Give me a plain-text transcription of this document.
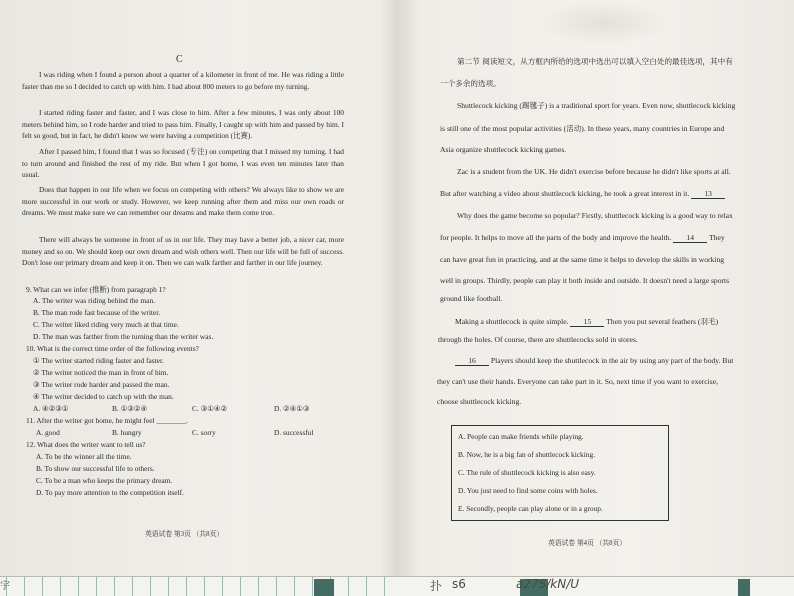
C

I was riding when I found a person about a quarter of a kilometer in front of me. He was riding a little faster than me so I decided to catch up with him. I had about 800 meters to go before my turning.

I started riding faster and faster, and I was close to him. After a few minutes, I was only about 100 meters behind him, so I rode harder and tried to pass him. Finally, I caught up with him and passed by him. I felt so good, but in fact, he didn't know we were having a competition (比赛).

After I passed him, I found that I was so focused (专注) on competing that I missed my turning. I had to turn around and finished the rest of my ride. But when I got home, I was even ten minutes later than usual.

Does that happen in our life when we focus on competing with others? We always like to show we are more successful in our work or study. However, we keep running after them and miss our own roads or dreams. We must make sure we can remember our dreams and make them come true.

There will always be someone in front of us in our life. They may have a better job, a nicer car, more money and so on. We should keep our own dream and wish others well. Then our life will be full of success. Don't lose our primary dream and keep it on. Then we can walk farther and farther in our life journey.

9. What can we infer (推断) from paragraph 1?
A. The writer was riding behind the man.
B. The man rode fast because of the writer.
C. The writer liked riding very much at that time.
D. The man was farther from the turning than the writer was.
10. What is the correct time order of the following events?
① The writer started riding faster and faster.
② The writer noticed the man in front of him.
③ The writer rode harder and passed the man.
④ The writer decided to catch up with the man.
A. ④②③①	B. ①③②④	C. ③①④②	D. ②④①③
11. After the writer got home, he might feel ________.
A. good	B. hungry	C. sorry	D. successful
12. What does the writer want to tell us?
A. To be the winner all the time.
B. To show our successful life to others.
C. To be a man who keeps the primary dream.
D. To pay more attention to the competition itself.
英语试卷 第3页 （共8页）
第二节 阅读短文，从方框内所给的选项中选出可以填入空白处的最佳选项，其中有
一个多余的选项。
Shuttlecock kicking (踢毽子) is a traditional sport for years. Even now, shuttlecock kicking
is still one of the most popular activities (活动). In these years, many countries in Europe and
Asia organize shuttlecock kicking games.
Zac is a student from the UK. He didn't exercise before because he didn't like sports at all.
But after watching a video about shuttlecock kicking, he took a great interest in it. 13
Why does the game become so popular? Firstly, shuttlecock kicking is a good way to relax
for people. It helps to move all the parts of the body and improve the health. 14 They
can have great fun in practicing, and at the same time it helps to develop the skills in working
well in groups. Thirdly, people can play it both inside and outside. It doesn't need a large sports
ground like football.
Making a shuttlecock is quite simple. 15 Then you put several feathers (羽毛)
through the holes. Of course, there are shuttlecocks sold in stores.
16 Players should keep the shuttlecock in the air by using any part of the body. But
they can't use their hands. Everyone can take part in it. So, next time if you want to exercise,
choose shuttlecock kicking.
A. People can make friends while playing.
B. Now, he is a big fan of shuttlecock kicking.
C. The rule of shuttlecock kicking is also easy.
D. You just need to find some coins with holes.
E. Secondly, people can play alone or in a group.
英语试卷 第4页 （共8页）
宇	扑 s6	a27S/kN/U
